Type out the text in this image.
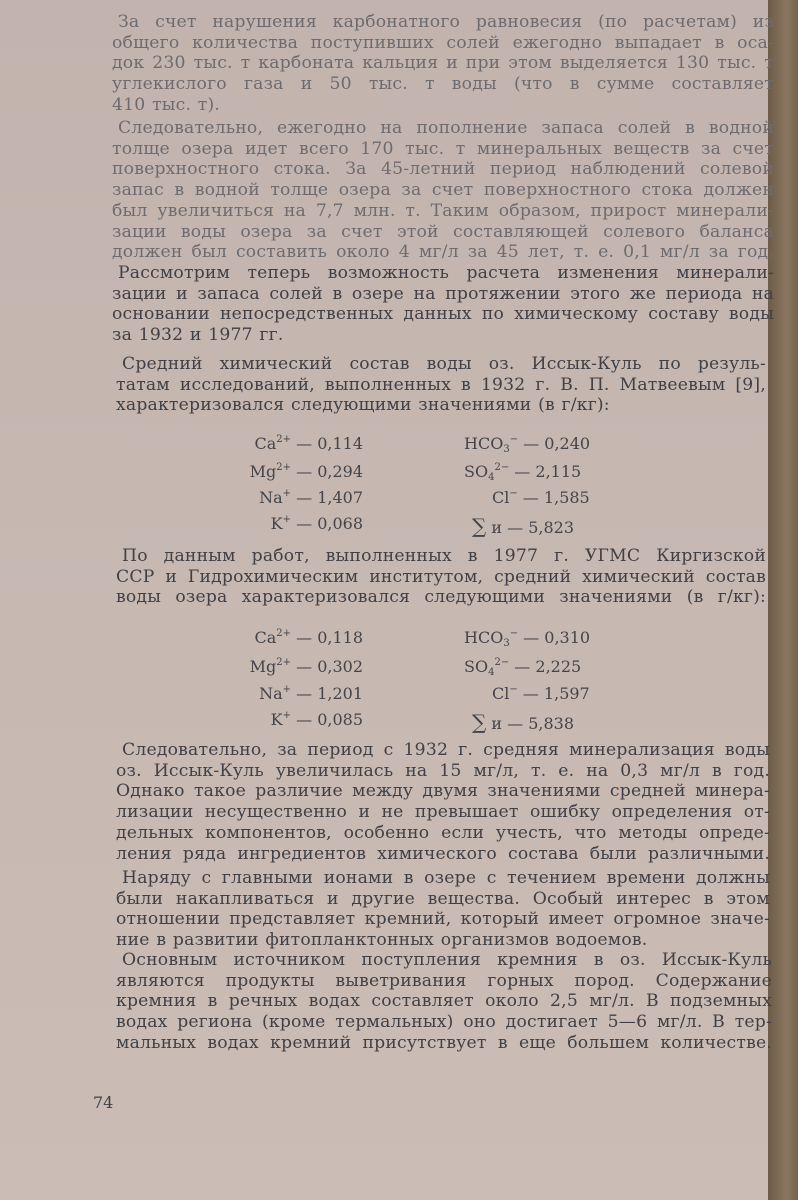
За счет нарушения карбонатного равновесия (по расчетам) из
общего количества поступивших солей ежегодно выпадает в оса-
док 230 тыс. т карбоната кальция и при этом выделяется 130 тыс. т
углекислого газа и 50 тыс. т воды (что в сумме составляет
410 тыс. т).
Следовательно, ежегодно на пополнение запаса солей в водной
толще озера идет всего 170 тыс. т минеральных веществ за счет
поверхностного стока. За 45-летний период наблюдений солевой
запас в водной толще озера за счет поверхностного стока должен
был увеличиться на 7,7 млн. т. Таким образом, прирост минерали-
зации воды озера за счет этой составляющей солевого баланса
должен был составить около 4 мг/л за 45 лет, т. е. 0,1 мг/л за год.
Рассмотрим теперь возможность расчета изменения минерали-
зации и запаса солей в озере на протяжении этого же периода на
основании непосредственных данных по химическому составу воды
за 1932 и 1977 гг.
Средний химический состав воды оз. Иссык-Куль по резуль-
татам исследований, выполненных в 1932 г. В. П. Матвеевым [9],
характеризовался следующими значениями (в г/кг):
$Ca^{2+}$ — 0,114	$HCO_3^-$ — 0,240
$Mg^{2+}$ — 0,294	$SO_4^{2-}$ — 2,115
Na+ — 1,407	Cl− — 1,585
K+ — 0,068	∑ и — 5,823
По данным работ, выполненных в 1977 г. УГМС Киргизской
ССР и Гидрохимическим институтом, средний химический состав
воды озера характеризовался следующими значениями (в г/кг):
$Ca^{2+}$ — 0,118	$HCO_3^-$ — 0,310
$Mg^{2+}$ — 0,302	$SO_4^{2-}$ — 2,225
Na+ — 1,201	Cl− — 1,597
K+ — 0,085	∑ и — 5,838
Следовательно, за период с 1932 г. средняя минерализация воды
оз. Иссык-Куль увеличилась на 15 мг/л, т. е. на 0,3 мг/л в год.
Однако такое различие между двумя значениями средней минера-
лизации несущественно и не превышает ошибку определения от-
дельных компонентов, особенно если учесть, что методы опреде-
ления ряда ингредиентов химического состава были различными.
Наряду с главными ионами в озере с течением времени должны
были накапливаться и другие вещества. Особый интерес в этом
отношении представляет кремний, который имеет огромное значе-
ние в развитии фитопланктонных организмов водоемов.
Основным источником поступления кремния в оз. Иссык-Куль
являются продукты выветривания горных пород. Содержание
кремния в речных водах составляет около 2,5 мг/л. В подземных
водах региона (кроме термальных) оно достигает 5—6 мг/л. В тер-
мальных водах кремний присутствует в еще большем количестве.
74
